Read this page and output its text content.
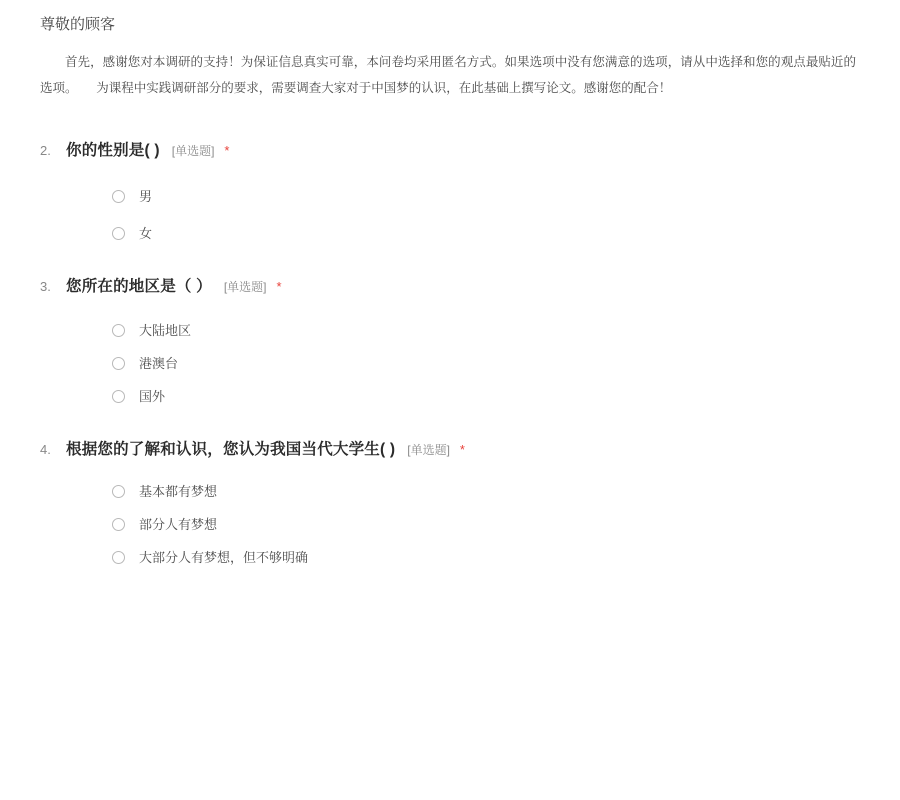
尊敬的顾客
首先，感谢您对本调研的支持！为保证信息真实可靠，本问卷均采用匿名方式。如果选项中没有您满意的选项，请从中选择和您的观点最贴近的选项。　　为课程中实践调研部分的要求，需要调查大家对于中国梦的认识，在此基础上撰写论文。感谢您的配合！
2. 你的性别是( ) [单选题] *
男
女
3. 您所在的地区是（ ） [单选题] *
大陆地区
港澳台
国外
4. 根据您的了解和认识，您认为我国当代大学生( ) [单选题] *
基本都有梦想
部分人有梦想
大部分人有梦想，但不够明确
